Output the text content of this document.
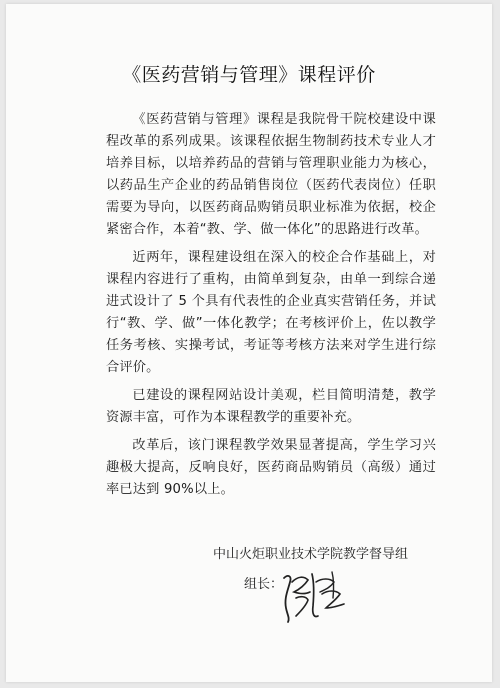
《医药营销与管理》课程评价

《医药营销与管理》课程是我院骨干院校建设中课程改革的系列成果。该课程依据生物制药技术专业人才培养目标，以培养药品的营销与管理职业能力为核心，以药品生产企业的药品销售岗位（医药代表岗位）任职需要为导向，以医药商品购销员职业标准为依据，校企紧密合作，本着“教、学、做一体化”的思路进行改革。

近两年，课程建设组在深入的校企合作基础上，对课程内容进行了重构，由简单到复杂，由单一到综合递进式设计了 5 个具有代表性的企业真实营销任务，并试行“教、学、做”一体化教学；在考核评价上，佐以教学任务考核、实操考试，考证等考核方法来对学生进行综合评价。

已建设的课程网站设计美观，栏目简明清楚，教学资源丰富，可作为本课程教学的重要补充。

改革后，该门课程教学效果显著提高，学生学习兴趣极大提高，反响良好，医药商品购销员（高级）通过率已达到 90%以上。

中山火炬职业技术学院教学督导组
组长：
